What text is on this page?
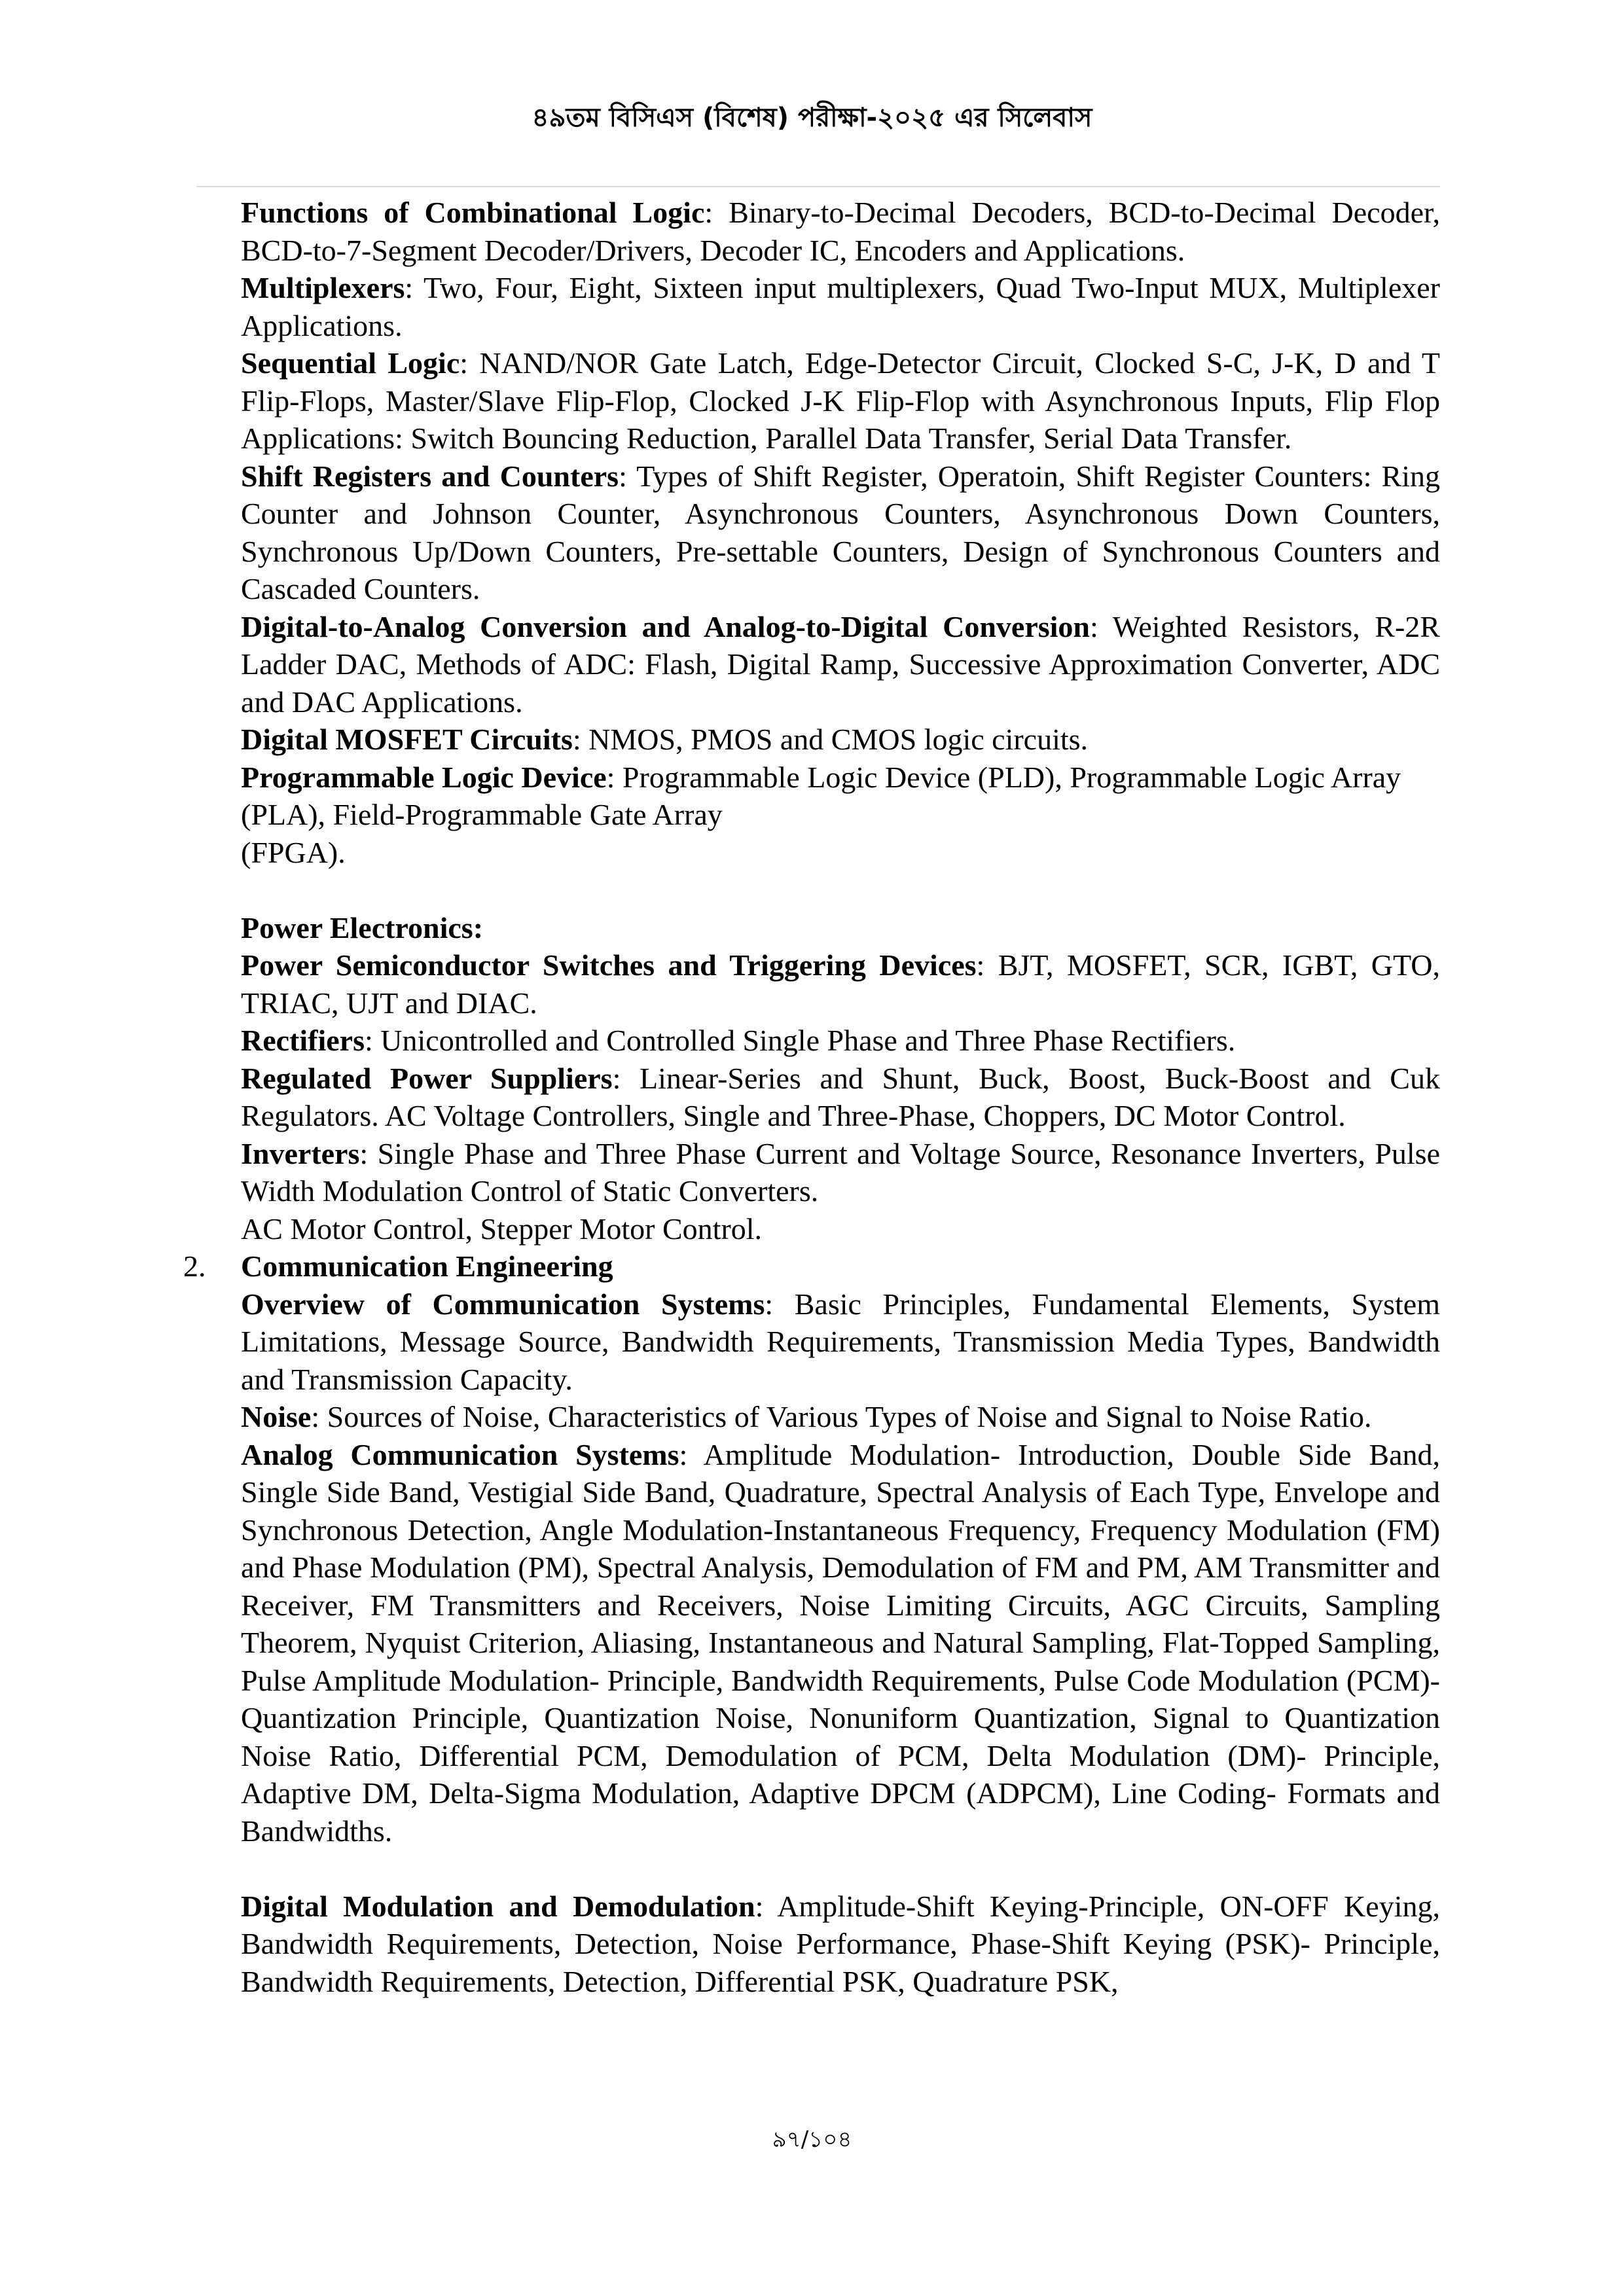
৪৯তম বিসিএস (বিশেষ) পরীক্ষা-২০২৫ এর সিলেবাস

Functions of Combinational Logic: Binary-to-Decimal Decoders, BCD-to-Decimal Decoder, BCD-to-7-Segment Decoder/Drivers, Decoder IC, Encoders and Applications.

Multiplexers: Two, Four, Eight, Sixteen input multiplexers, Quad Two-Input MUX, Multiplexer Applications.

Sequential Logic: NAND/NOR Gate Latch, Edge-Detector Circuit, Clocked S-C, J-K, D and T Flip-Flops, Master/Slave Flip-Flop, Clocked J-K Flip-Flop with Asynchronous Inputs, Flip Flop Applications: Switch Bouncing Reduction, Parallel Data Transfer, Serial Data Transfer.

Shift Registers and Counters: Types of Shift Register, Operatoin, Shift Register Counters: Ring Counter and Johnson Counter, Asynchronous Counters, Asynchronous Down Counters, Synchronous Up/Down Counters, Pre-settable Counters, Design of Synchronous Counters and Cascaded Counters.

Digital-to-Analog Conversion and Analog-to-Digital Conversion: Weighted Resistors, R-2R Ladder DAC, Methods of ADC: Flash, Digital Ramp, Successive Approximation Converter, ADC and DAC Applications.

Digital MOSFET Circuits: NMOS, PMOS and CMOS logic circuits.

Programmable Logic Device: Programmable Logic Device (PLD), Programmable Logic Array (PLA), Field-Programmable Gate Array

(FPGA).

Power Electronics:

Power Semiconductor Switches and Triggering Devices: BJT, MOSFET, SCR, IGBT, GTO, TRIAC, UJT and DIAC.

Rectifiers: Unicontrolled and Controlled Single Phase and Three Phase Rectifiers.

Regulated Power Suppliers: Linear-Series and Shunt, Buck, Boost, Buck-Boost and Cuk Regulators. AC Voltage Controllers, Single and Three-Phase, Choppers, DC Motor Control.

Inverters: Single Phase and Three Phase Current and Voltage Source, Resonance Inverters, Pulse Width Modulation Control of Static Converters.

AC Motor Control, Stepper Motor Control.

2. Communication Engineering

Overview of Communication Systems: Basic Principles, Fundamental Elements, System Limitations, Message Source, Bandwidth Requirements, Transmission Media Types, Bandwidth and Transmission Capacity.

Noise: Sources of Noise, Characteristics of Various Types of Noise and Signal to Noise Ratio.

Analog Communication Systems: Amplitude Modulation- Introduction, Double Side Band, Single Side Band, Vestigial Side Band, Quadrature, Spectral Analysis of Each Type, Envelope and Synchronous Detection, Angle Modulation-Instantaneous Frequency, Frequency Modulation (FM) and Phase Modulation (PM), Spectral Analysis, Demodulation of FM and PM, AM Transmitter and Receiver, FM Transmitters and Receivers, Noise Limiting Circuits, AGC Circuits, Sampling Theorem, Nyquist Criterion, Aliasing, Instantaneous and Natural Sampling, Flat-Topped Sampling, Pulse Amplitude Modulation- Principle, Bandwidth Requirements, Pulse Code Modulation (PCM)- Quantization Principle, Quantization Noise, Nonuniform Quantization, Signal to Quantization Noise Ratio, Differential PCM, Demodulation of PCM, Delta Modulation (DM)- Principle, Adaptive DM, Delta-Sigma Modulation, Adaptive DPCM (ADPCM), Line Coding- Formats and Bandwidths.

Digital Modulation and Demodulation: Amplitude-Shift Keying-Principle, ON-OFF Keying, Bandwidth Requirements, Detection, Noise Performance, Phase-Shift Keying (PSK)- Principle, Bandwidth Requirements, Detection, Differential PSK, Quadrature PSK,

৯৭/১০৪
